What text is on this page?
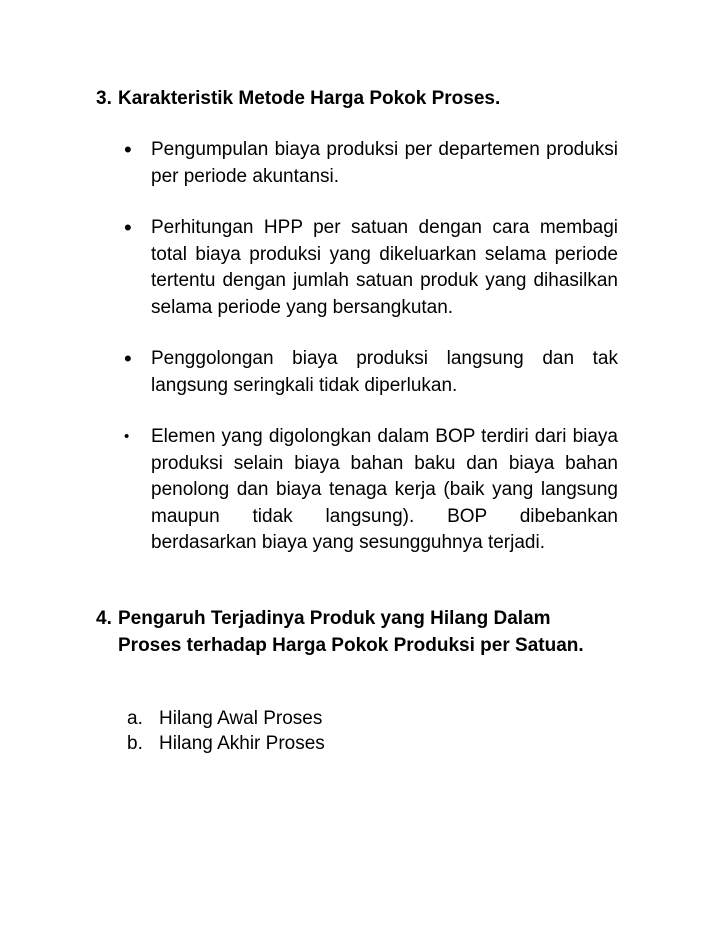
3. Karakteristik Metode Harga Pokok Proses.
•	Pengumpulan biaya produksi per departemen produksi per periode akuntansi.
•	Perhitungan HPP per satuan dengan cara membagi total biaya produksi yang dikeluarkan selama periode tertentu dengan jumlah satuan produk yang dihasilkan selama periode yang bersangkutan.
•	Penggolongan biaya produksi langsung dan tak langsung seringkali tidak diperlukan.
•	Elemen yang digolongkan dalam BOP terdiri dari biaya produksi selain biaya bahan baku dan biaya bahan penolong dan biaya tenaga kerja (baik yang langsung maupun tidak langsung). BOP dibebankan berdasarkan biaya yang sesungguhnya terjadi.
4. Pengaruh Terjadinya Produk yang Hilang Dalam Proses terhadap Harga Pokok Produksi per Satuan.
a. Hilang Awal Proses
b. Hilang Akhir Proses
